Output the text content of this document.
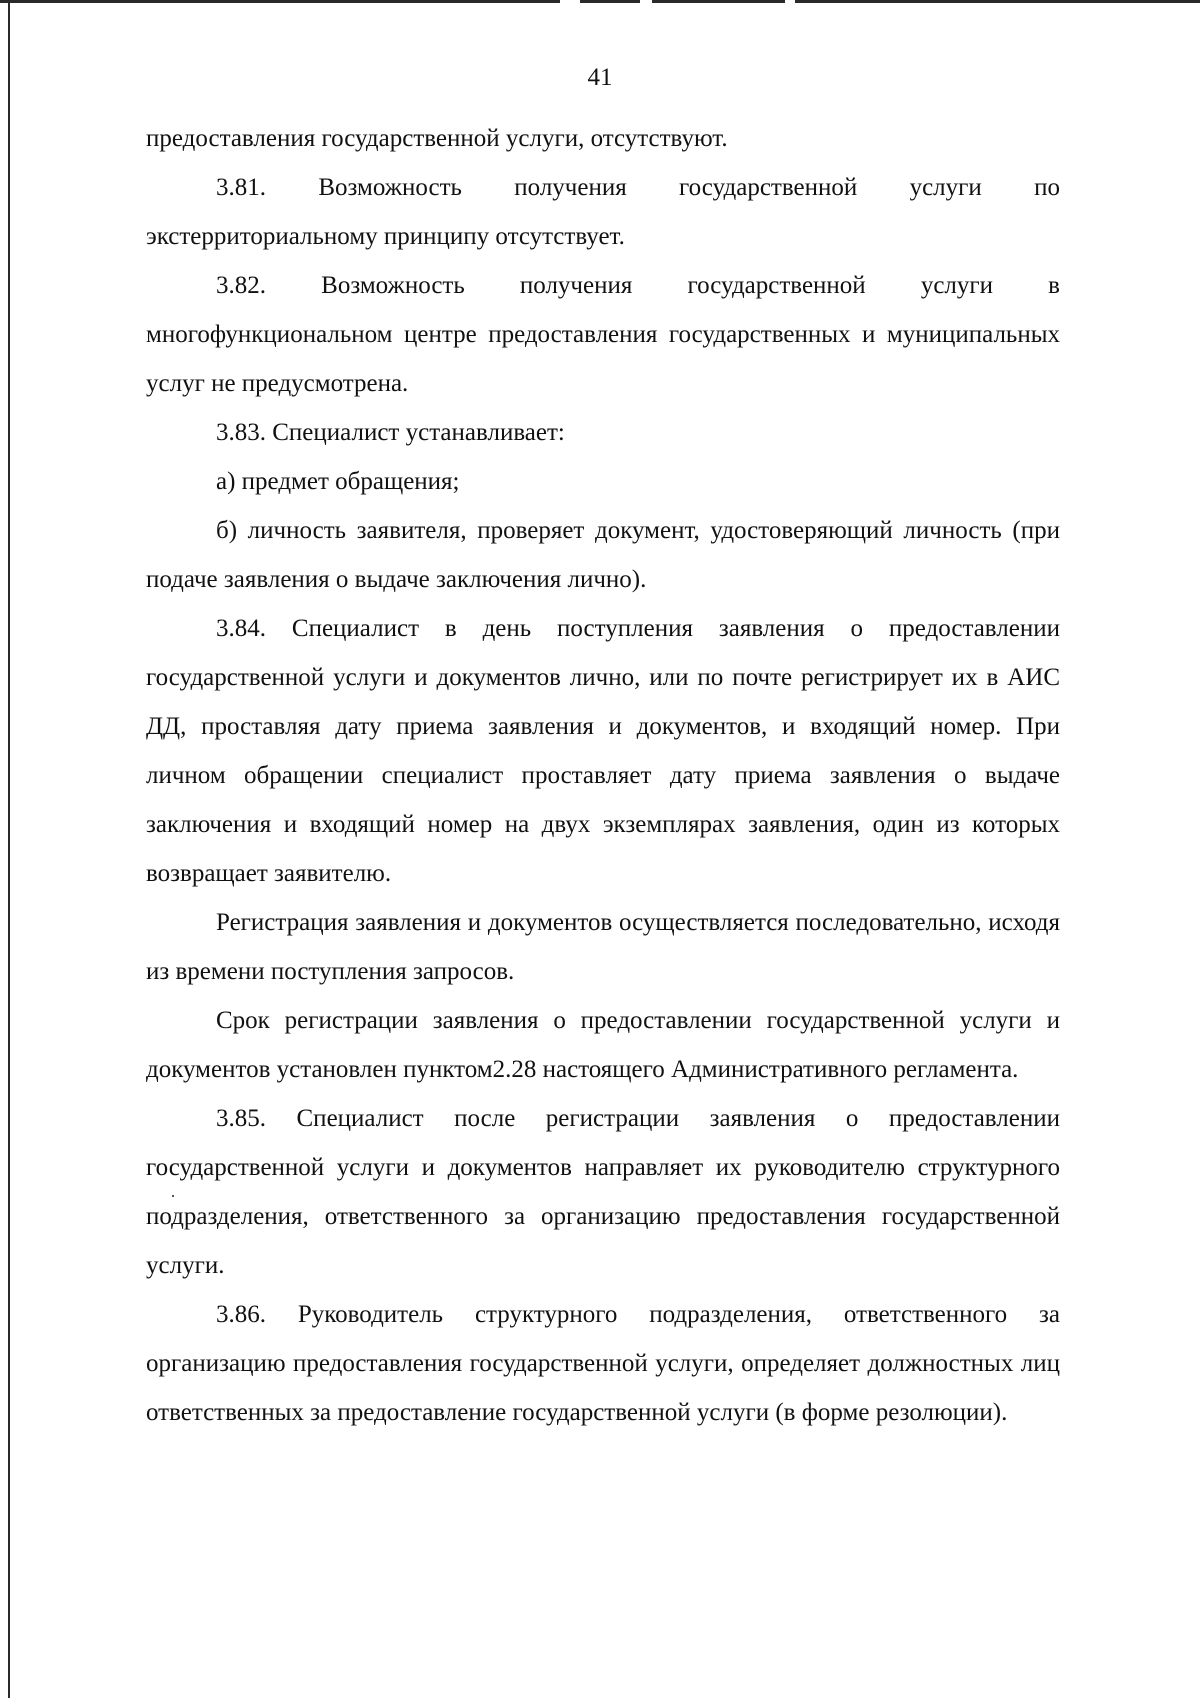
41

предоставления государственной услуги, отсутствуют.

3.81. Возможность получения государственной услуги по экстерриториальному принципу отсутствует.

3.82. Возможность получения государственной услуги в многофункциональном центре предоставления государственных и муниципальных услуг не предусмотрена.

3.83. Специалист устанавливает:

а) предмет обращения;

б) личность заявителя, проверяет документ, удостоверяющий личность (при подаче заявления о выдаче заключения лично).

3.84. Специалист в день поступления заявления о предоставлении государственной услуги и документов лично, или по почте регистрирует их в АИС ДД, проставляя дату приема заявления и документов, и входящий номер. При личном обращении специалист проставляет дату приема заявления о выдаче заключения и входящий номер на двух экземплярах заявления, один из которых возвращает заявителю.

Регистрация заявления и документов осуществляется последовательно, исходя из времени поступления запросов.

Срок регистрации заявления о предоставлении государственной услуги и документов установлен пунктом2.28 настоящего Административного регламента.

3.85. Специалист после регистрации заявления о предоставлении государственной услуги и документов направляет их руководителю структурного подразделения, ответственного за организацию предоставления государственной услуги.

3.86. Руководитель структурного подразделения, ответственного за организацию предоставления государственной услуги, определяет должностных лиц ответственных за предоставление государственной услуги (в форме резолюции).
